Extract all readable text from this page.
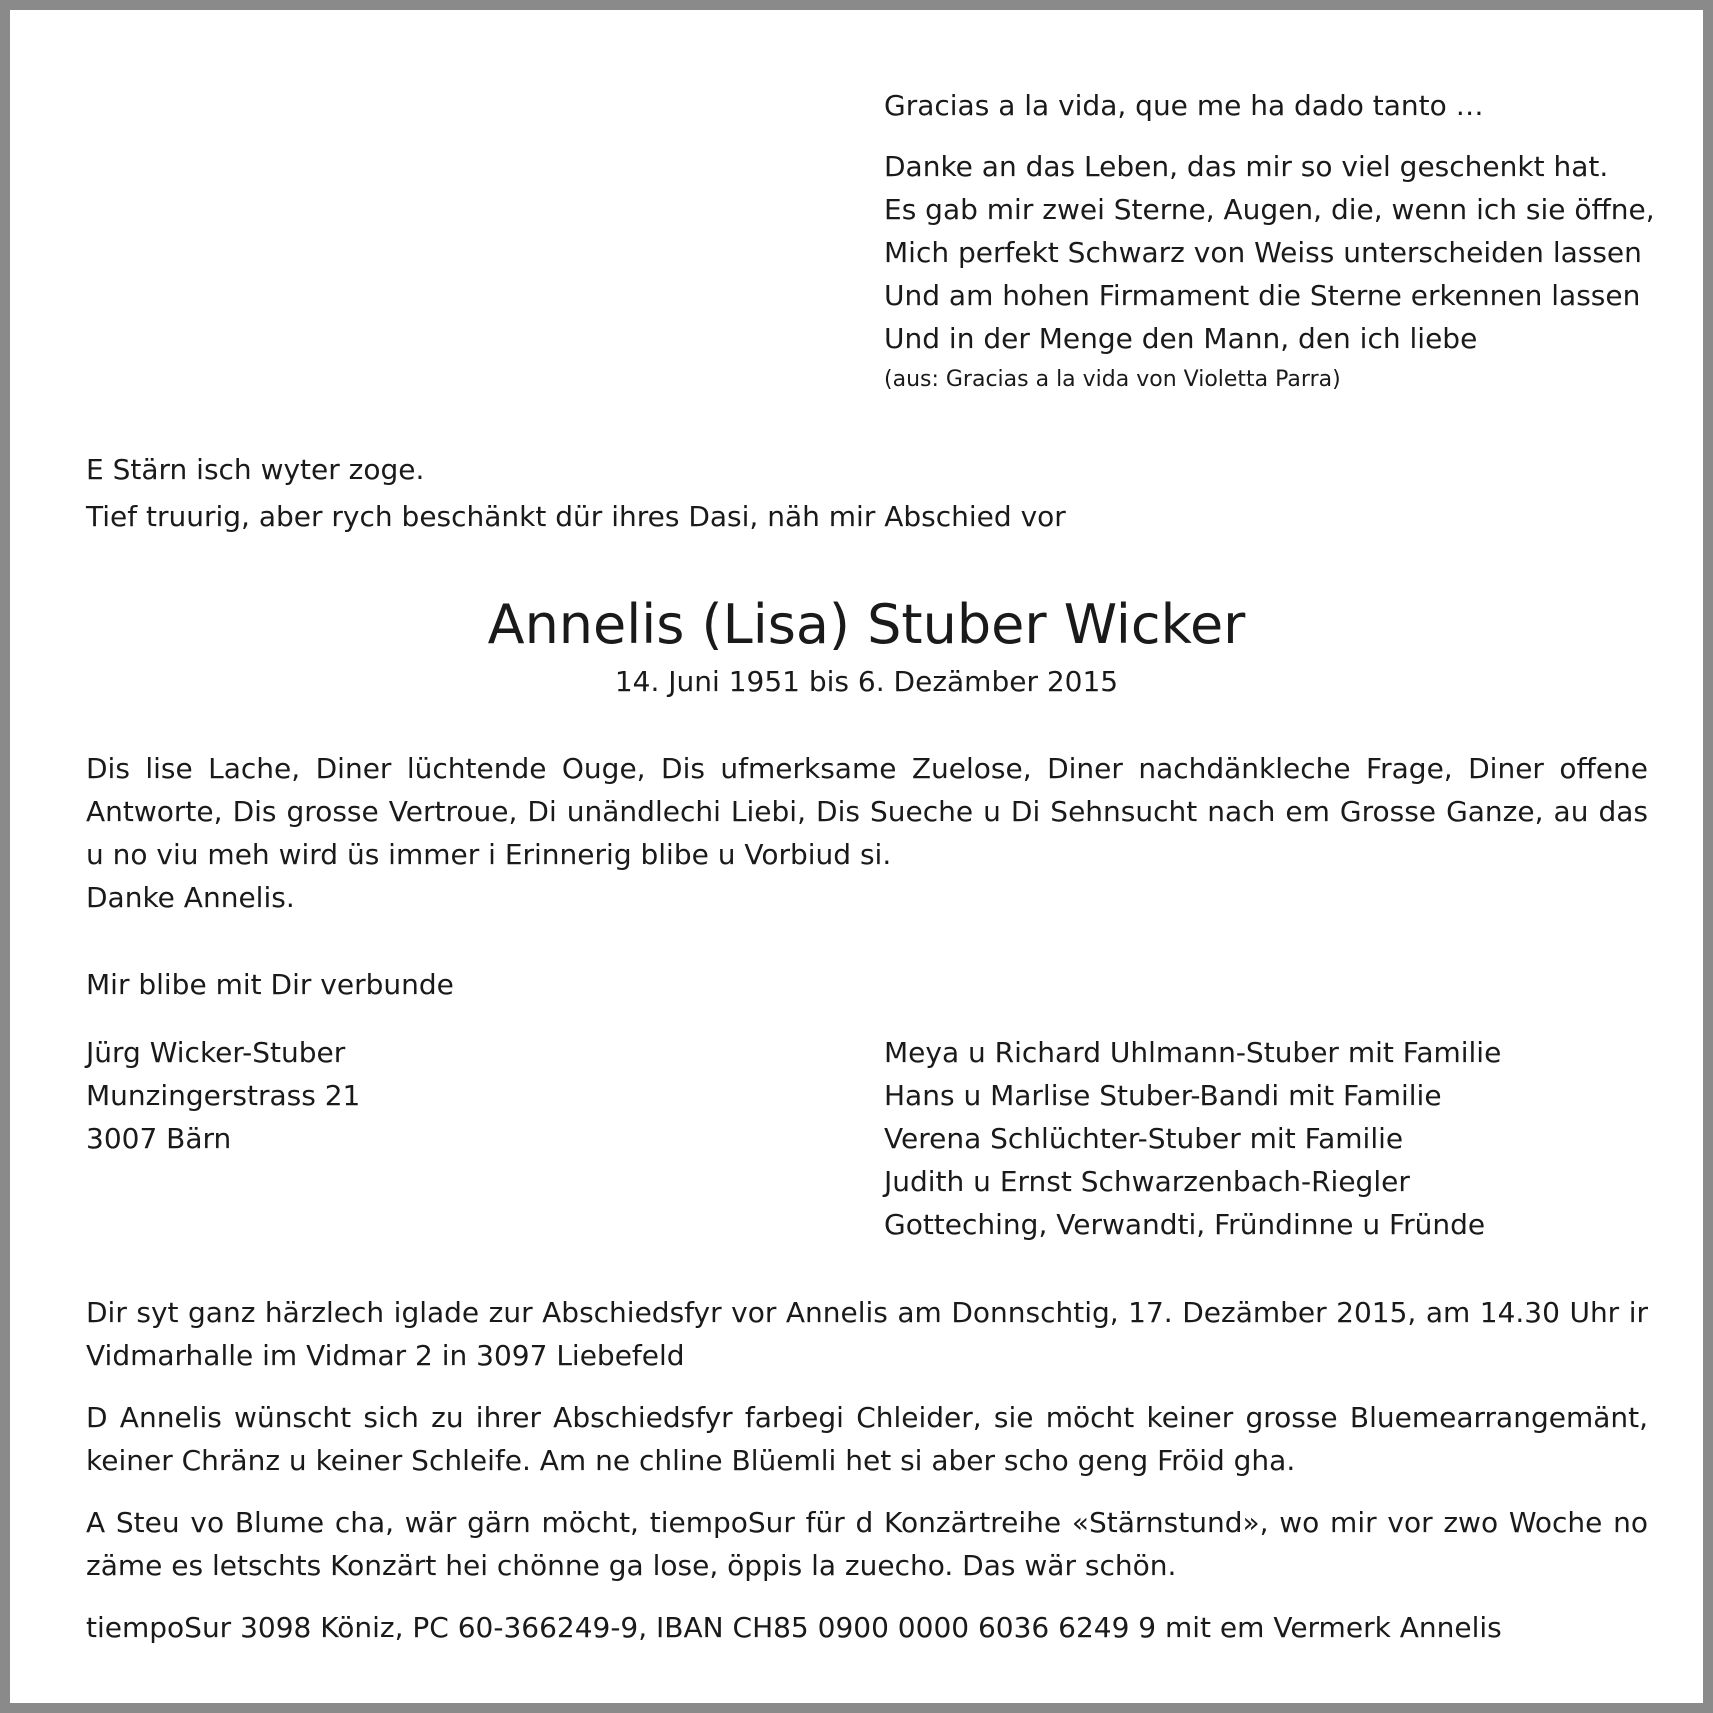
Gracias a la vida, que me ha dado tanto …
Danke an das Leben, das mir so viel geschenkt hat.
Es gab mir zwei Sterne, Augen, die, wenn ich sie öffne,
Mich perfekt Schwarz von Weiss unterscheiden lassen
Und am hohen Firmament die Sterne erkennen lassen
Und in der Menge den Mann, den ich liebe
(aus: Gracias a la vida von Violetta Parra)
E Stärn isch wyter zoge.
Tief truurig, aber rych beschänkt dür ihres Dasi, näh mir Abschied vor
Annelis (Lisa) Stuber Wicker
14. Juni 1951 bis 6. Dezämber 2015
Dis lise Lache, Diner lüchtende Ouge, Dis ufmerksame Zuelose, Diner nachdänkleche Frage, Diner offene Antworte, Dis grosse Vertroue, Di unändlechi Liebi, Dis Sueche u Di Sehnsucht nach em Grosse Ganze, au das u no viu meh wird üs immer i Erinnerig blibe u Vorbiud si.
Danke Annelis.
Mir blibe mit Dir verbunde
Jürg Wicker-Stuber
Munzingerstrass 21
3007 Bärn
Meya u Richard Uhlmann-Stuber mit Familie
Hans u Marlise Stuber-Bandi mit Familie
Verena Schlüchter-Stuber mit Familie
Judith u Ernst Schwarzenbach-Riegler
Gotteching, Verwandti, Fründinne u Fründe

Dir syt ganz härzlech iglade zur Abschiedsfyr vor Annelis am Donnschtig, 17. Dezämber 2015, am 14.30 Uhr ir Vidmarhalle im Vidmar 2 in 3097 Liebefeld

D Annelis wünscht sich zu ihrer Abschiedsfyr farbegi Chleider, sie möcht keiner grosse Bluemearrangemänt, keiner Chränz u keiner Schleife. Am ne chline Blüemli het si aber scho geng Fröid gha.

A Steu vo Blume cha, wär gärn möcht, tiempoSur für d Konzärtreihe «Stärnstund», wo mir vor zwo Woche no zäme es letschts Konzärt hei chönne ga lose, öppis la zuecho. Das wär schön.

tiempoSur 3098 Köniz, PC 60-366249-9, IBAN CH85 0900 0000 6036 6249 9 mit em Vermerk Annelis
